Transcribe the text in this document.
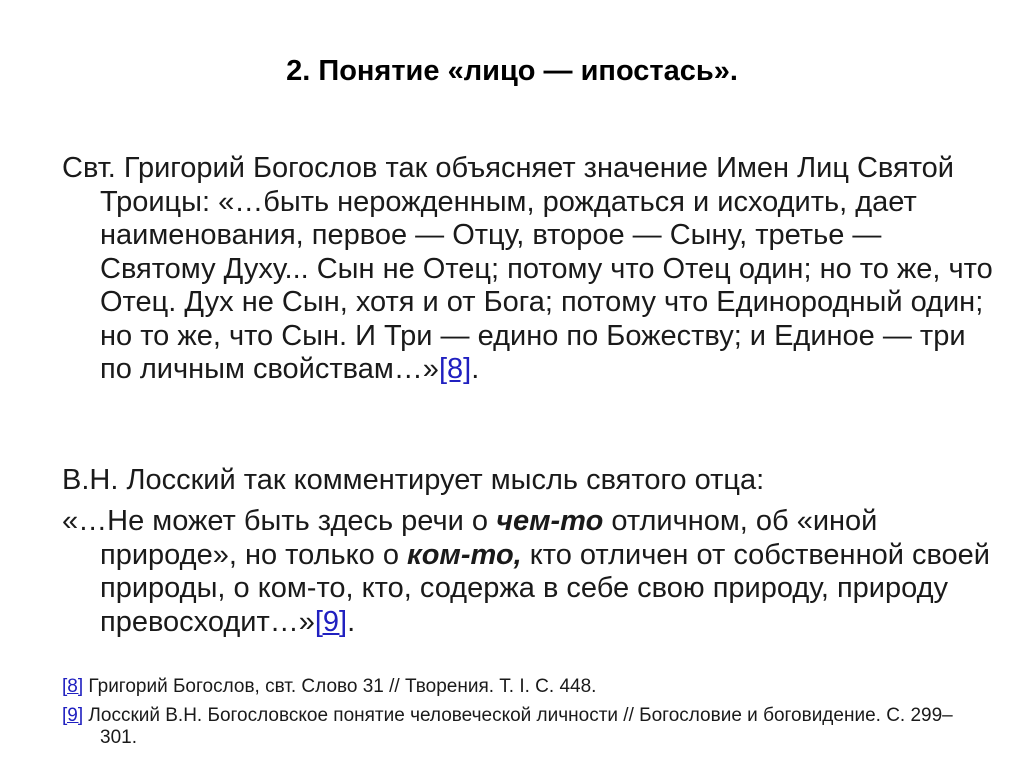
2. Понятие «лицо — ипостась».

Свт. Григорий Богослов так объясняет значение Имен Лиц Святой Троицы: «…быть нерожденным, рождаться и исходить, дает наименования, первое — Отцу, второе — Сыну, третье — Святому Духу... Сын не Отец; потому что Отец один; но то же, что Отец. Дух не Сын, хотя и от Бога; потому что Единородный один; но то же, что Сын. И Три — едино по Божеству; и Единое — три по личным свойствам…»[8].

В.Н. Лосский так комментирует мысль святого отца:

«…Не может быть здесь речи о чем-то отличном, об «иной природе», но только о ком-то, кто отличен от собственной своей природы, о ком-то, кто, содержа в себе свою природу, природу превосходит…»[9].

[8] Григорий Богослов, свт. Слово 31 // Творения. Т. I. С. 448.

[9] Лосский В.Н. Богословское понятие человеческой личности // Богословие и боговидение. С. 299–301.
